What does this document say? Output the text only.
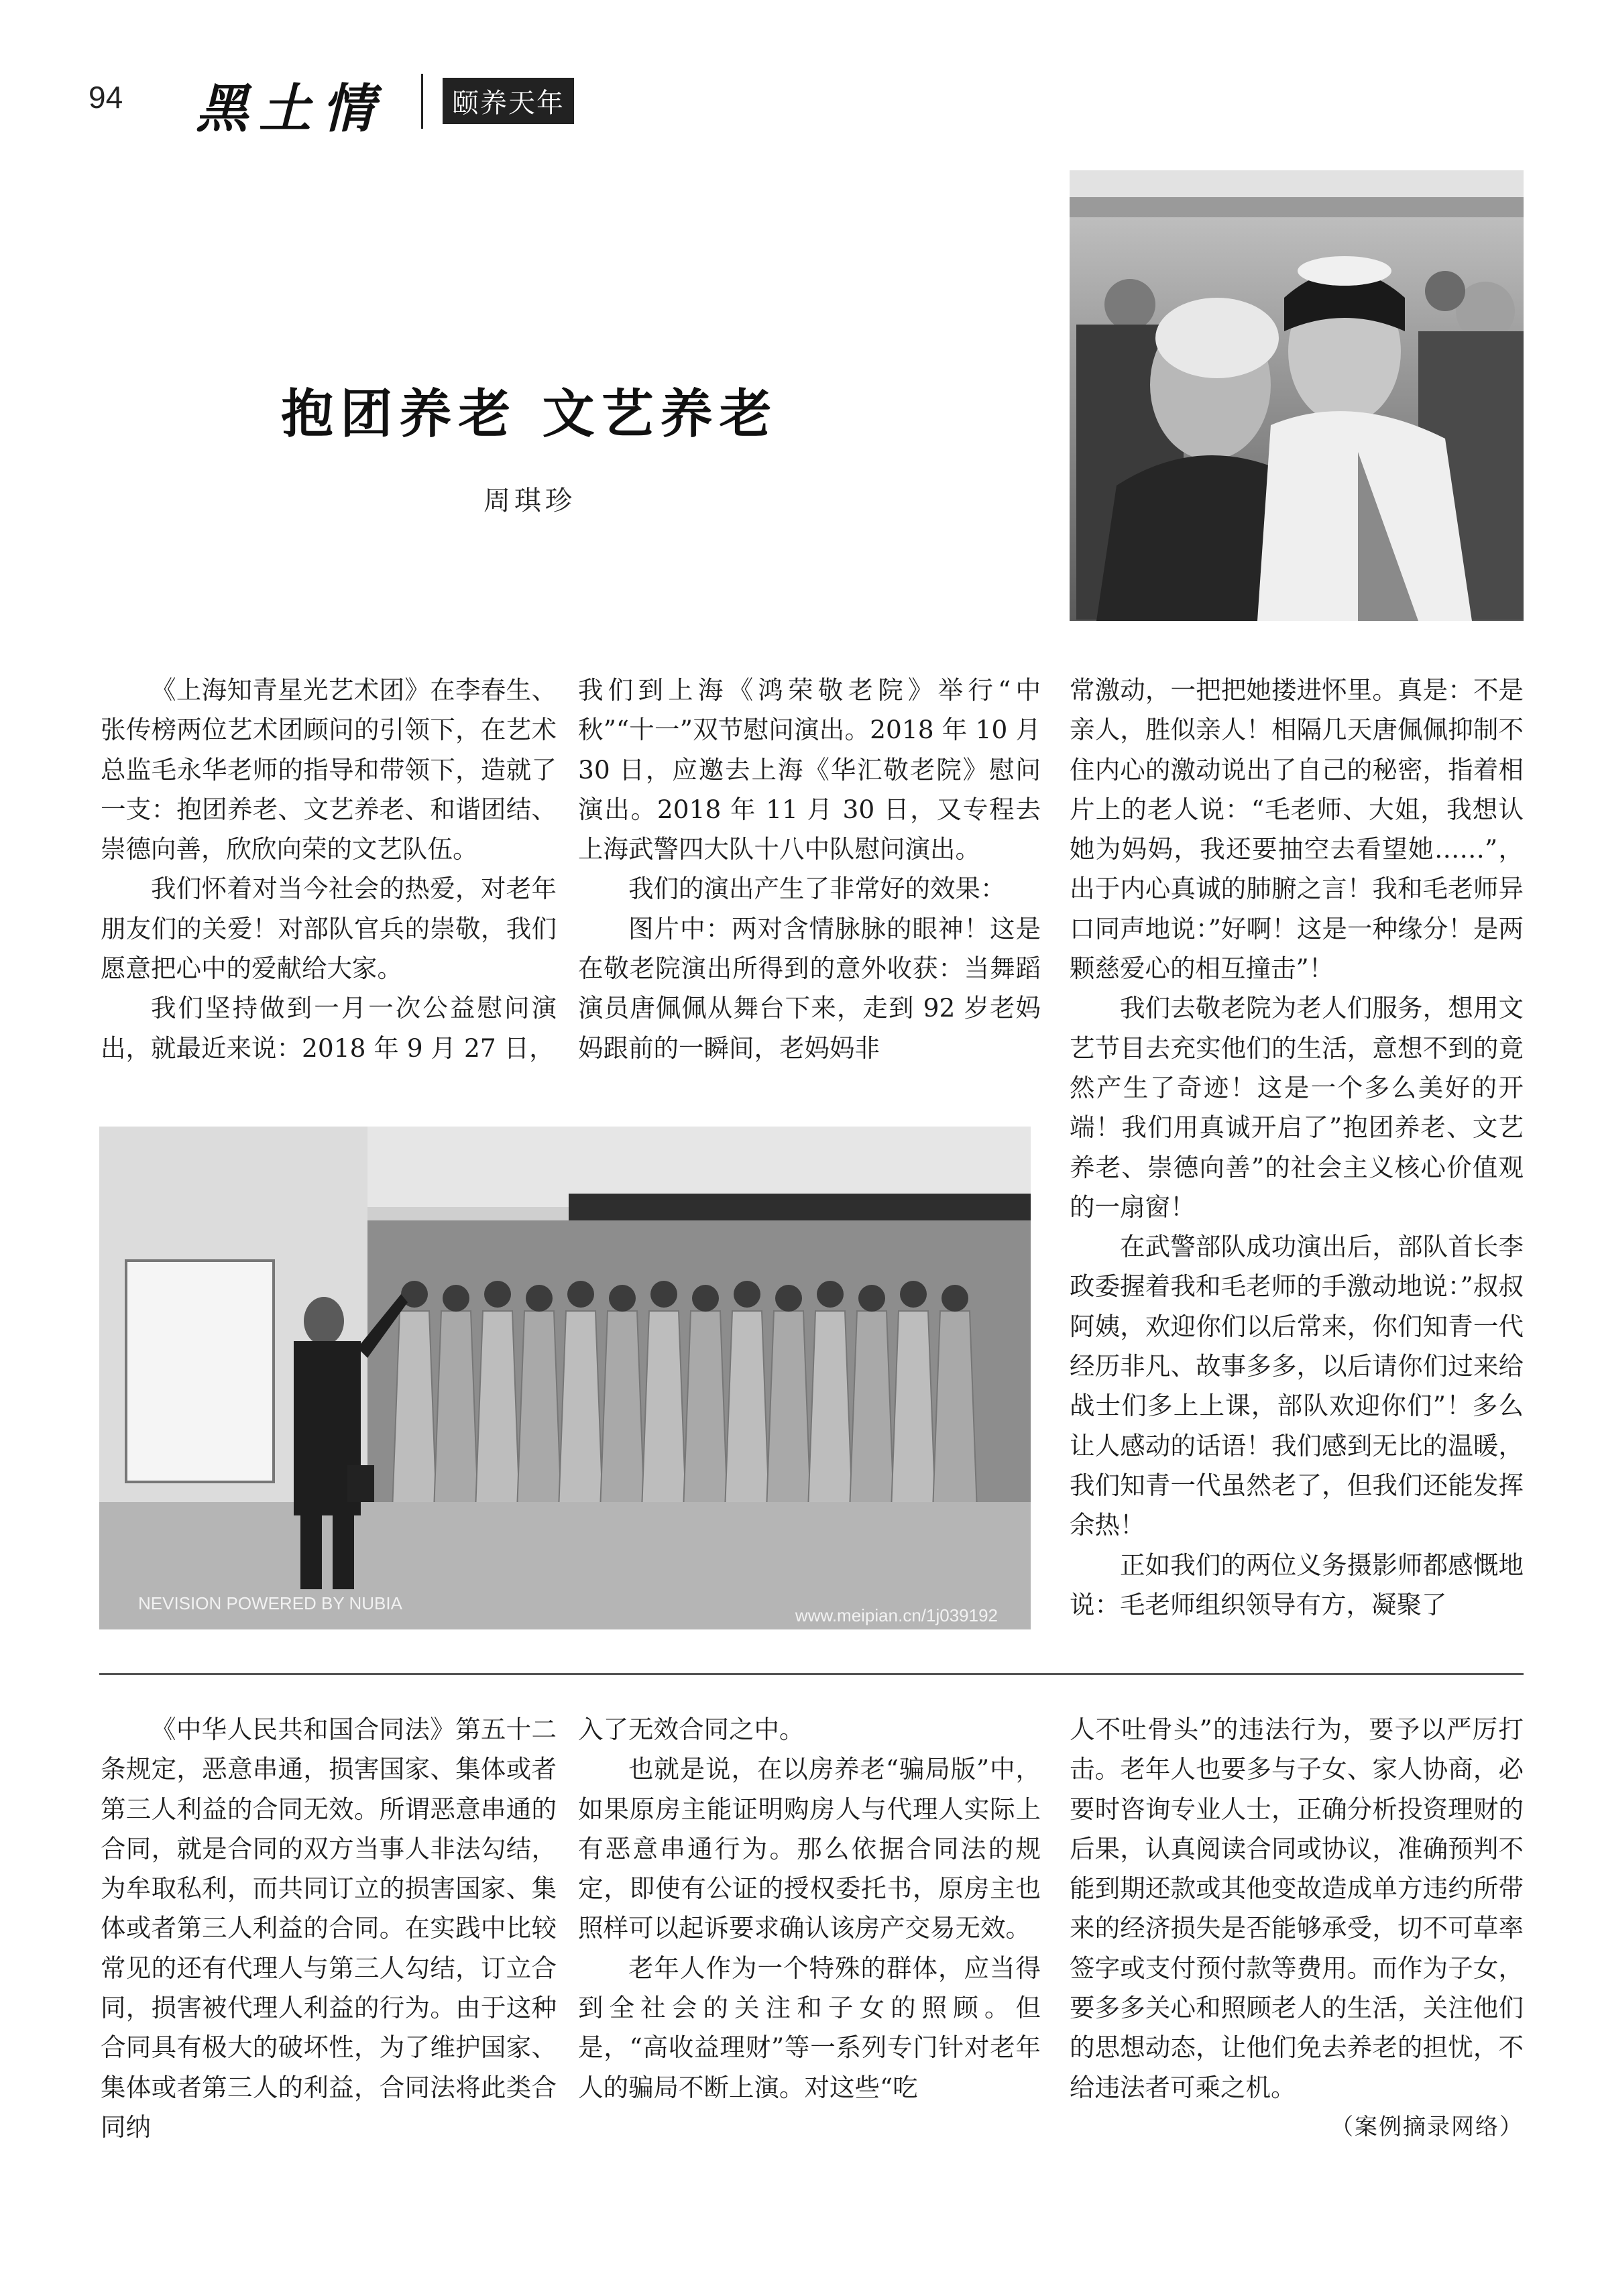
94 黑土情	颐养天年
抱团养老 文艺养老
周琪珍
NEVISION POWERED BY NUBIA
www.meipian.cn/1j039192

《上海知青星光艺术团》在李春生、张传榜两位艺术团顾问的引领下，在艺术总监毛永华老师的指导和带领下，造就了一支：抱团养老、文艺养老、和谐团结、崇德向善，欣欣向荣的文艺队伍。

我们怀着对当今社会的热爱，对老年朋友们的关爱！对部队官兵的崇敬，我们愿意把心中的爱献给大家。

我们坚持做到一月一次公益慰问演出，就最近来说：2018 年 9 月 27 日，

我们到上海《鸿荣敬老院》举行“中秋”“十一”双节慰问演出。2018 年 10 月 30 日，应邀去上海《华汇敬老院》慰问演出。2018 年 11 月 30 日，又专程去上海武警四大队十八中队慰问演出。

我们的演出产生了非常好的效果：

图片中：两对含情脉脉的眼神！这是在敬老院演出所得到的意外收获：当舞蹈演员唐佩佩从舞台下来，走到 92 岁老妈妈跟前的一瞬间，老妈妈非

常激动，一把把她搂进怀里。真是：不是亲人，胜似亲人！相隔几天唐佩佩抑制不住内心的激动说出了自己的秘密，指着相片上的老人说：“毛老师、大姐，我想认她为妈妈，我还要抽空去看望她……”，出于内心真诚的肺腑之言！我和毛老师异口同声地说：”好啊！这是一种缘分！是两颗慈爱心的相互撞击”！

我们去敬老院为老人们服务，想用文艺节目去充实他们的生活，意想不到的竟然产生了奇迹！这是一个多么美好的开端！我们用真诚开启了”抱团养老、文艺养老、崇德向善”的社会主义核心价值观的一扇窗！

在武警部队成功演出后，部队首长李政委握着我和毛老师的手激动地说：”叔叔阿姨，欢迎你们以后常来，你们知青一代经历非凡、故事多多，以后请你们过来给战士们多上上课，部队欢迎你们”！多么让人感动的话语！我们感到无比的温暖，我们知青一代虽然老了，但我们还能发挥余热！

正如我们的两位义务摄影师都感慨地说：毛老师组织领导有方，凝聚了

《中华人民共和国合同法》第五十二条规定，恶意串通，损害国家、集体或者第三人利益的合同无效。所谓恶意串通的合同，就是合同的双方当事人非法勾结，为牟取私利，而共同订立的损害国家、集体或者第三人利益的合同。在实践中比较常见的还有代理人与第三人勾结，订立合同，损害被代理人利益的行为。由于这种合同具有极大的破坏性，为了维护国家、集体或者第三人的利益，合同法将此类合同纳

入了无效合同之中。

也就是说，在以房养老“骗局版”中，如果原房主能证明购房人与代理人实际上有恶意串通行为。那么依据合同法的规定，即使有公证的授权委托书，原房主也照样可以起诉要求确认该房产交易无效。

老年人作为一个特殊的群体，应当得到全社会的关注和子女的照顾。但是，“高收益理财”等一系列专门针对老年人的骗局不断上演。对这些“吃

人不吐骨头”的违法行为，要予以严厉打击。老年人也要多与子女、家人协商，必要时咨询专业人士，正确分析投资理财的后果，认真阅读合同或协议，准确预判不能到期还款或其他变故造成单方违约所带来的经济损失是否能够承受，切不可草率签字或支付预付款等费用。而作为子女，要多多关心和照顾老人的生活，关注他们的思想动态，让他们免去养老的担忧，不给违法者可乘之机。

（案例摘录网络）
